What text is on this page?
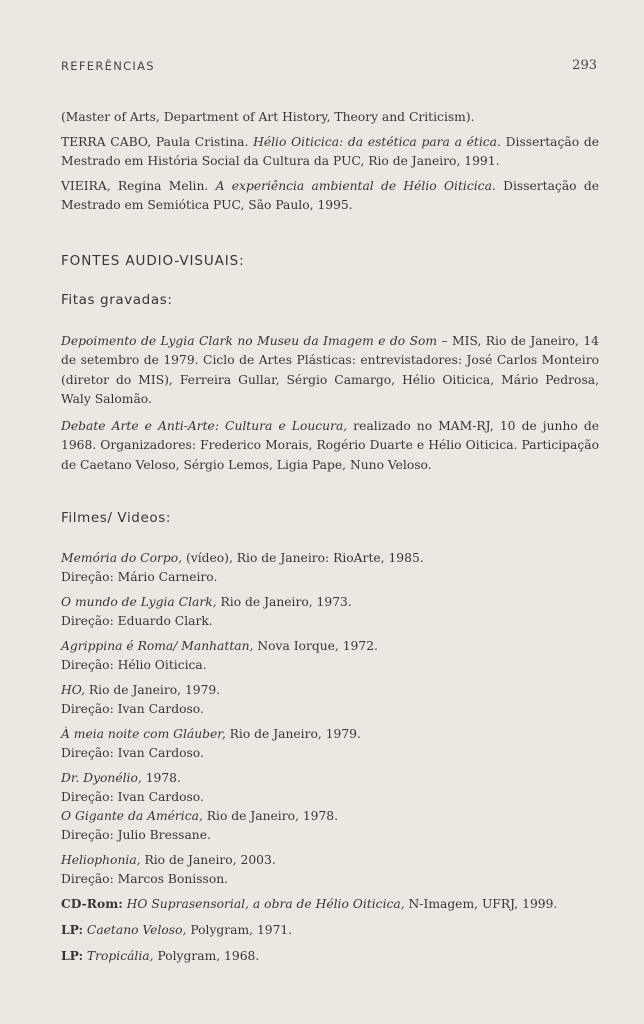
REFERÊNCIAS	293

(Master of Arts, Department of Art History, Theory and Criticism).

TERRA CABO, Paula Cristina. Hélio Oiticica: da estética para a ética. Dissertação de Mestrado em História Social da Cultura da PUC, Rio de Janeiro, 1991.

VIEIRA, Regina Melin. A experiência ambiental de Hélio Oiticica. Dissertação de Mestrado em Semiótica PUC, São Paulo, 1995.

FONTES AUDIO-VISUAIS:

Fitas gravadas:

Depoimento de Lygia Clark no Museu da Imagem e do Som – MIS, Rio de Janeiro, 14 de setembro de 1979. Ciclo de Artes Plásticas: entrevistadores: José Carlos Monteiro (diretor do MIS), Ferreira Gullar, Sérgio Camargo, Hélio Oiticica, Mário Pedrosa, Waly Salomão.

Debate Arte e Anti-Arte: Cultura e Loucura, realizado no MAM-RJ, 10 de junho de 1968. Organizadores: Frederico Morais, Rogério Duarte e Hélio Oiticica. Participação de Caetano Veloso, Sérgio Lemos, Ligia Pape, Nuno Veloso.

Filmes/ Videos:

Memória do Corpo, (vídeo), Rio de Janeiro: RioArte, 1985.

Direção: Mário Carneiro.

O mundo de Lygia Clark, Rio de Janeiro, 1973.

Direção: Eduardo Clark.

Agrippina é Roma/ Manhattan, Nova Iorque, 1972.

Direção: Hélio Oiticica.

HO, Rio de Janeiro, 1979.

Direção: Ivan Cardoso.

À meia noite com Gláuber, Rio de Janeiro, 1979.

Direção: Ivan Cardoso.

Dr. Dyonélio, 1978.

Direção: Ivan Cardoso.

O Gigante da América, Rio de Janeiro, 1978.

Direção: Julio Bressane.

Heliophonia, Rio de Janeiro, 2003.

Direção: Marcos Bonisson.

CD-Rom: HO Suprasensorial, a obra de Hélio Oiticica, N-Imagem, UFRJ, 1999.

LP: Caetano Veloso, Polygram, 1971.

LP: Tropicália, Polygram, 1968.
